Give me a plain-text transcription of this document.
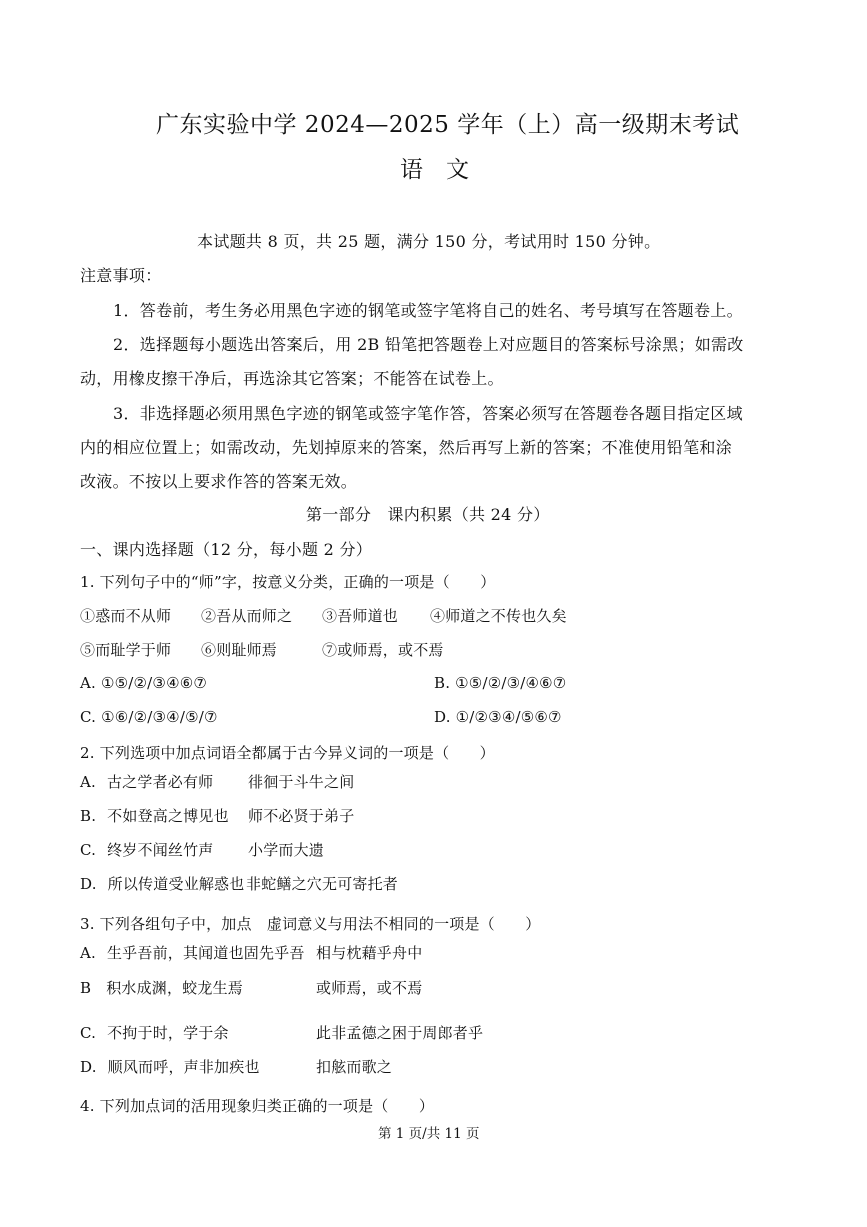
广东实验中学 2024—2025 学年（上）高一级期末考试
语　文
本试题共 8 页，共 25 题，满分 150 分，考试用时 150 分钟。
注意事项：
1．答卷前，考生务必用黑色字迹的钢笔或签字笔将自己的姓名、考号填写在答题卷上。
2．选择题每小题选出答案后，用 2B 铅笔把答题卷上对应题目的答案标号涂黑；如需改
动，用橡皮擦干净后，再选涂其它答案；不能答在试卷上。
3．非选择题必须用黑色字迹的钢笔或签字笔作答，答案必须写在答题卷各题目指定区域
内的相应位置上；如需改动，先划掉原来的答案，然后再写上新的答案；不准使用铅笔和涂
改液。不按以上要求作答的答案无效。
第一部分　课内积累（共 24 分）
一、课内选择题（12 分，每小题 2 分）
1. 下列句子中的“师”字，按意义分类，正确的一项是（　　）
①惑而不从师 ②吾从而师之 ③吾师道也 ④师道之不传也久矣
⑤而耻学于师 ⑥则耻师焉	⑦或师焉，或不焉
A. ①⑤/②/③④⑥⑦	B. ①⑤/②/③/④⑥⑦
C. ①⑥/②/③④/⑤/⑦	D. ①/②③④/⑤⑥⑦
2. 下列选项中加点词语全都属于古今异义词的一项是（　　）
A. 古之学者必有师 徘徊于斗牛之间
B. 不如登高之博见也 师不必贤于弟子
C. 终岁不闻丝竹声 小学而大遗
D. 所以传道受业解惑也 非蛇鳝之穴无可寄托者
3. 下列各组句子中，加点　虚词意义与用法不相同的一项是（　　）
A. 生乎吾前，其闻道也固先乎吾 相与枕藉乎舟中
B 积水成渊，蛟龙生焉	或师焉，或不焉
C. 不拘于时，学于余	此非孟德之困于周郎者乎
D. 顺风而呼，声非加疾也	扣舷而歌之
4. 下列加点词的活用现象归类正确的一项是（　　）
第 1 页/共 11 页
